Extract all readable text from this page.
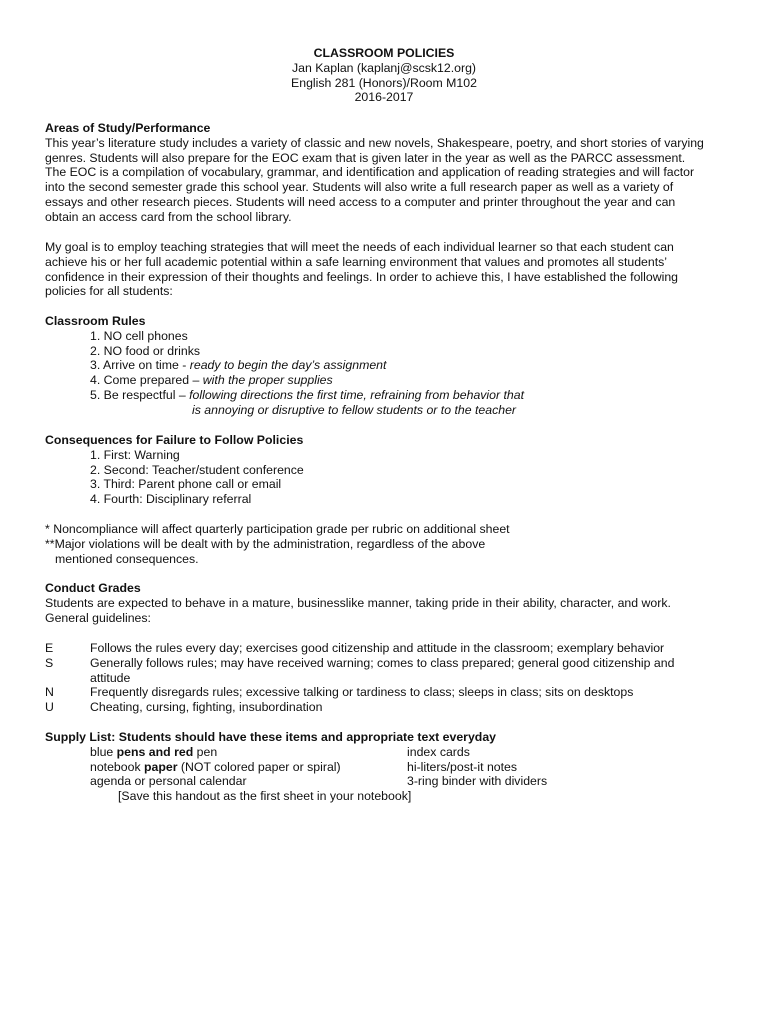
CLASSROOM POLICIES
Jan Kaplan (kaplanj@scsk12.org)
English 281 (Honors)/Room M102
2016-2017
Areas of Study/Performance
This year’s literature study includes a variety of classic and new novels, Shakespeare, poetry, and short stories of varying
genres. Students will also prepare for the EOC exam that is given later in the year as well as the PARCC assessment.
The EOC is a compilation of vocabulary, grammar, and identification and application of reading strategies and will factor
into the second semester grade this school year. Students will also write a full research paper as well as a variety of
essays and other research pieces. Students will need access to a computer and printer throughout the year and can
obtain an access card from the school library.
My goal is to employ teaching strategies that will meet the needs of each individual learner so that each student can
achieve his or her full academic potential within a safe learning environment that values and promotes all students’
confidence in their expression of their thoughts and feelings. In order to achieve this, I have established the following
policies for all students:
Classroom Rules
1. NO cell phones
2. NO food or drinks
3. Arrive on time - ready to begin the day’s assignment
4. Come prepared – with the proper supplies
5. Be respectful – following directions the first time, refraining from behavior that
is annoying or disruptive to fellow students or to the teacher
Consequences for Failure to Follow Policies
1. First: Warning
2. Second: Teacher/student conference
3. Third: Parent phone call or email
4. Fourth: Disciplinary referral
* Noncompliance will affect quarterly participation grade per rubric on additional sheet
**Major violations will be dealt with by the administration, regardless of the above
mentioned consequences.
Conduct Grades
Students are expected to behave in a mature, businesslike manner, taking pride in their ability, character, and work.
General guidelines:
E	Follows the rules every day; exercises good citizenship and attitude in the classroom; exemplary behavior
S	Generally follows rules; may have received warning; comes to class prepared; general good citizenship and
attitude
N	Frequently disregards rules; excessive talking or tardiness to class; sleeps in class; sits on desktops
U	Cheating, cursing, fighting, insubordination
Supply List: Students should have these items and appropriate text everyday
blue pens and red pen	index cards
notebook paper (NOT colored paper or spiral)	hi-liters/post-it notes
agenda or personal calendar	3-ring binder with dividers
[Save this handout as the first sheet in your notebook]
